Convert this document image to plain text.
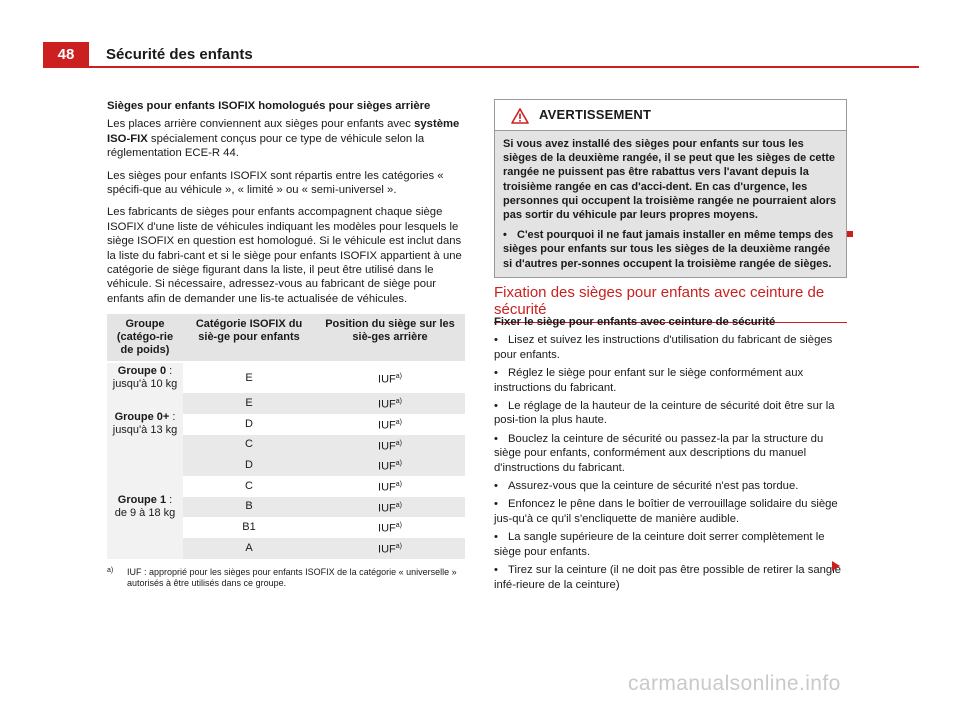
48	Sécurité des enfants
Sièges pour enfants ISOFIX homologués pour sièges arrière

Les places arrière conviennent aux sièges pour enfants avec système ISO-FIX spécialement conçus pour ce type de véhicule selon la réglementation ECE-R 44.

Les sièges pour enfants ISOFIX sont répartis entre les catégories « spécifi-que au véhicule », « limité » ou « semi-universel ».

Les fabricants de sièges pour enfants accompagnent chaque siège ISOFIX d'une liste de véhicules indiquant les modèles pour lesquels le siège ISOFIX en question est homologué. Si le véhicule est inclut dans la liste du fabri-cant et si le siège pour enfants ISOFIX appartient à une catégorie de siège figurant dans la liste, il peut être utilisé dans le véhicule. Si nécessaire, adressez-vous au fabricant de siège pour enfants afin de demander une lis-te actualisée de véhicules.

Groupe (catégo-rie de poids)	Catégorie ISOFIX du siè-ge pour enfants	Position du siège sur les siè-ges arrière
Groupe 0 :
jusqu'à 10 kg	E	IUF$^{a)}$
Groupe 0+ :
jusqu'à 13 kg	E	IUF$^{a)}$
	D	IUF$^{a)}$
	C	IUF$^{a)}$
Groupe 1 :
de 9 à 18 kg	D	IUF$^{a)}$
	C	IUF$^{a)}$
	B	IUF$^{a)}$
	B1	IUF$^{a)}$
	A	IUF$^{a)}$
a) IUF : approprié pour les sièges pour enfants ISOFIX de la catégorie « universelle » autorisés à être utilisés dans ce groupe.
AVERTISSEMENT

Si vous avez installé des sièges pour enfants sur tous les sièges de la deuxième rangée, il se peut que les sièges de cette rangée ne puissent pas être rabattus vers l'avant depuis la troisième rangée en cas d'acci-dent. En cas d'urgence, les personnes qui occupent la troisième rangée ne pourraient alors pas sortir du véhicule par leurs propres moyens.

• C'est pourquoi il ne faut jamais installer en même temps des sièges pour enfants sur tous les sièges de la deuxième rangée si d'autres per-sonnes occupent la troisième rangée de sièges.

Fixation des sièges pour enfants avec ceinture de sécurité
Fixer le siège pour enfants avec ceinture de sécurité
• Lisez et suivez les instructions d'utilisation du fabricant de sièges pour enfants.
• Réglez le siège pour enfant sur le siège conformément aux instructions du fabricant.
• Le réglage de la hauteur de la ceinture de sécurité doit être sur la posi-tion la plus haute.
• Bouclez la ceinture de sécurité ou passez-la par la structure du siège pour enfants, conformément aux descriptions du manuel d'instructions du fabricant.
• Assurez-vous que la ceinture de sécurité n'est pas tordue.
• Enfoncez le pêne dans le boîtier de verrouillage solidaire du siège jus-qu'à ce qu'il s'encliquette de manière audible.
• La sangle supérieure de la ceinture doit serrer complètement le siège pour enfants.
• Tirez sur la ceinture (il ne doit pas être possible de retirer la sangle infé-rieure de la ceinture)
carmanualsonline.info
